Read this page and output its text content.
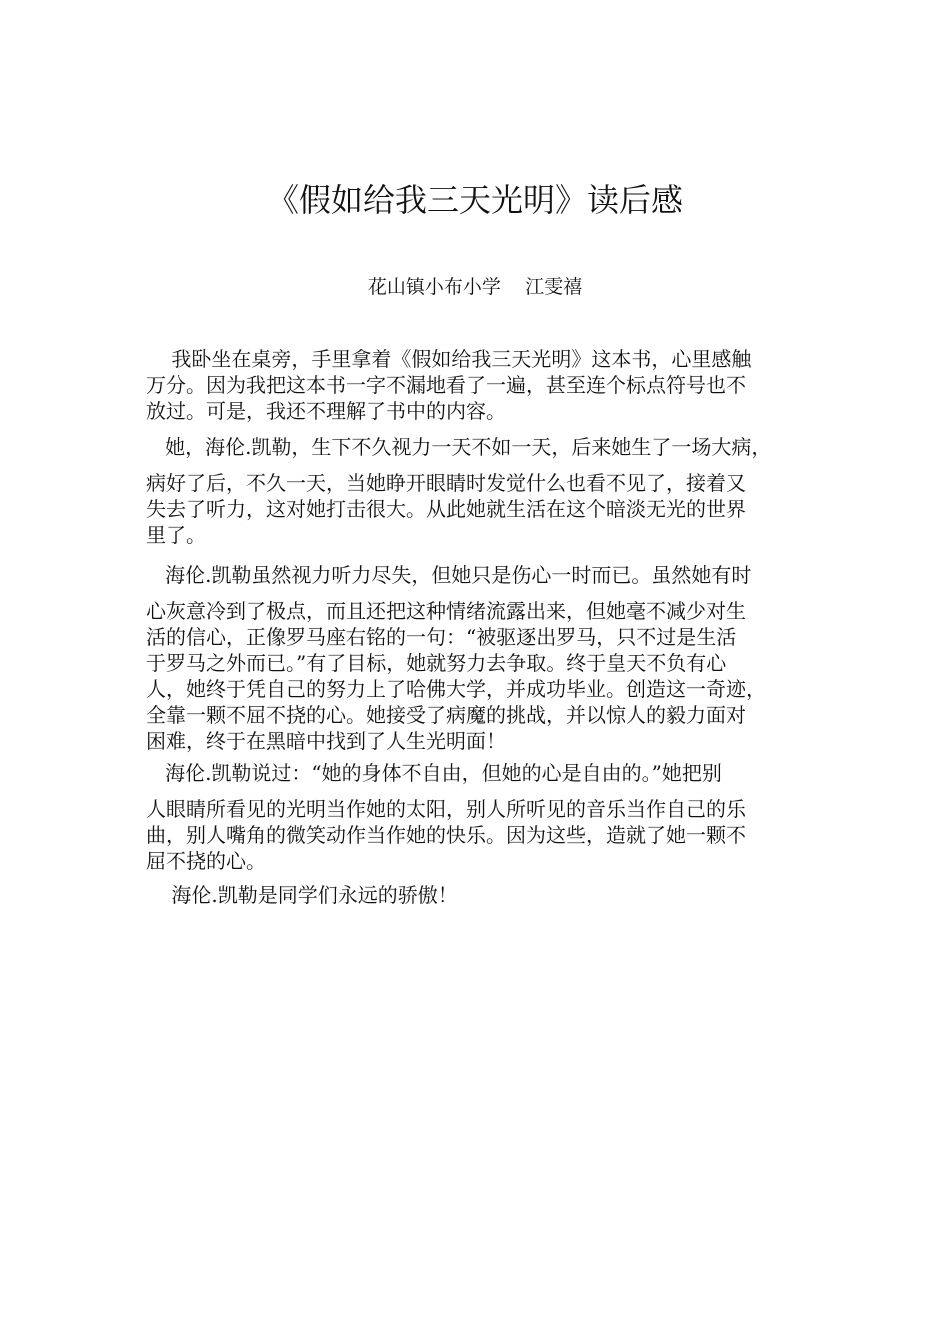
《假如给我三天光明》读后感
花山镇小布小学    江雯禧
我卧坐在桌旁，手里拿着《假如给我三天光明》这本书，心里感触
万分。因为我把这本书一字不漏地看了一遍，甚至连个标点符号也不
放过。可是，我还不理解了书中的内容。
她，海伦.凯勒，生下不久视力一天不如一天，后来她生了一场大病，
病好了后，不久一天，当她睁开眼睛时发觉什么也看不见了，接着又
失去了听力，这对她打击很大。从此她就生活在这个暗淡无光的世界
里了。
海伦.凯勒虽然视力听力尽失，但她只是伤心一时而已。虽然她有时
心灰意冷到了极点，而且还把这种情绪流露出来，但她毫不减少对生
活的信心，正像罗马座右铭的一句：“被驱逐出罗马，只不过是生活
于罗马之外而已。”有了目标，她就努力去争取。终于皇天不负有心
人，她终于凭自己的努力上了哈佛大学，并成功毕业。创造这一奇迹，
全靠一颗不屈不挠的心。她接受了病魔的挑战，并以惊人的毅力面对
困难，终于在黑暗中找到了人生光明面！
海伦.凯勒说过：“她的身体不自由，但她的心是自由的。”她把别
人眼睛所看见的光明当作她的太阳，别人所听见的音乐当作自己的乐
曲，别人嘴角的微笑动作当作她的快乐。因为这些，造就了她一颗不
屈不挠的心。
海伦.凯勒是同学们永远的骄傲！
